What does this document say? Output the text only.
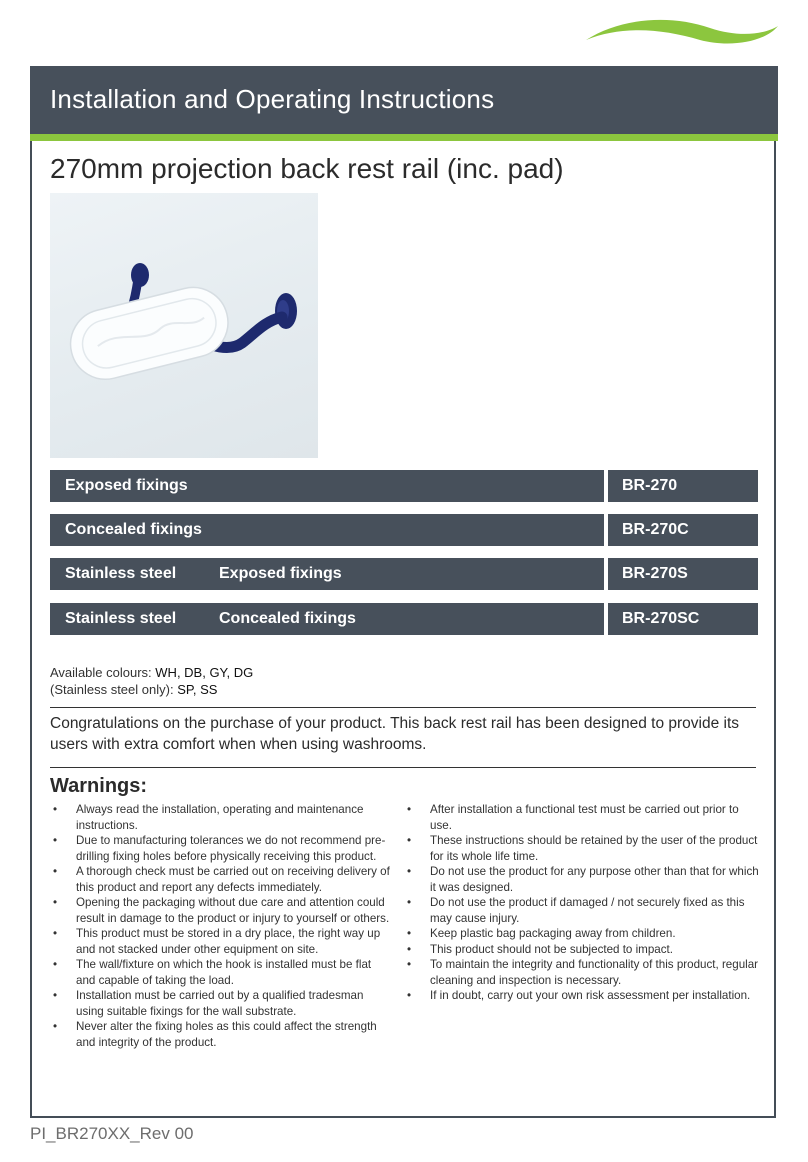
Installation and Operating Instructions
270mm projection back rest rail (inc. pad)
Exposed fixings	BR-270
Concealed fixings	BR-270C
Stainless steel	Exposed fixings	BR-270S
Stainless steel	Concealed fixings	BR-270SC
Available colours: WH, DB, GY, DG
(Stainless steel only): SP, SS
Congratulations on the purchase of your product. This back rest rail has been designed to provide its users with extra comfort when when using washrooms.
Warnings:
• Always read the installation, operating and maintenance instructions.
• Due to manufacturing tolerances we do not recommend pre-drilling fixing holes before physically receiving this product.
• A thorough check must be carried out on receiving delivery of this product and report any defects immediately.
• Opening the packaging without due care and attention could result in damage to the product or injury to yourself or others.
• This product must be stored in a dry place, the right way up and not stacked under other equipment on site.
• The wall/fixture on which the hook is installed must be flat and capable of taking the load.
• Installation must be carried out by a qualified tradesman using suitable fixings for the wall substrate.
• Never alter the fixing holes as this could affect the strength and integrity of the product.
• After installation a functional test must be carried out prior to use.
• These instructions should be retained by the user of the product for its whole life time.
• Do not use the product for any purpose other than that for which it was designed.
• Do not use the product if damaged / not securely fixed as this may cause injury.
• Keep plastic bag packaging away from children.
• This product should not be subjected to impact.
• To maintain the integrity and functionality of this product, regular cleaning and inspection is necessary.
• If in doubt, carry out your own risk assessment per installation.
PI_BR270XX_Rev 00
